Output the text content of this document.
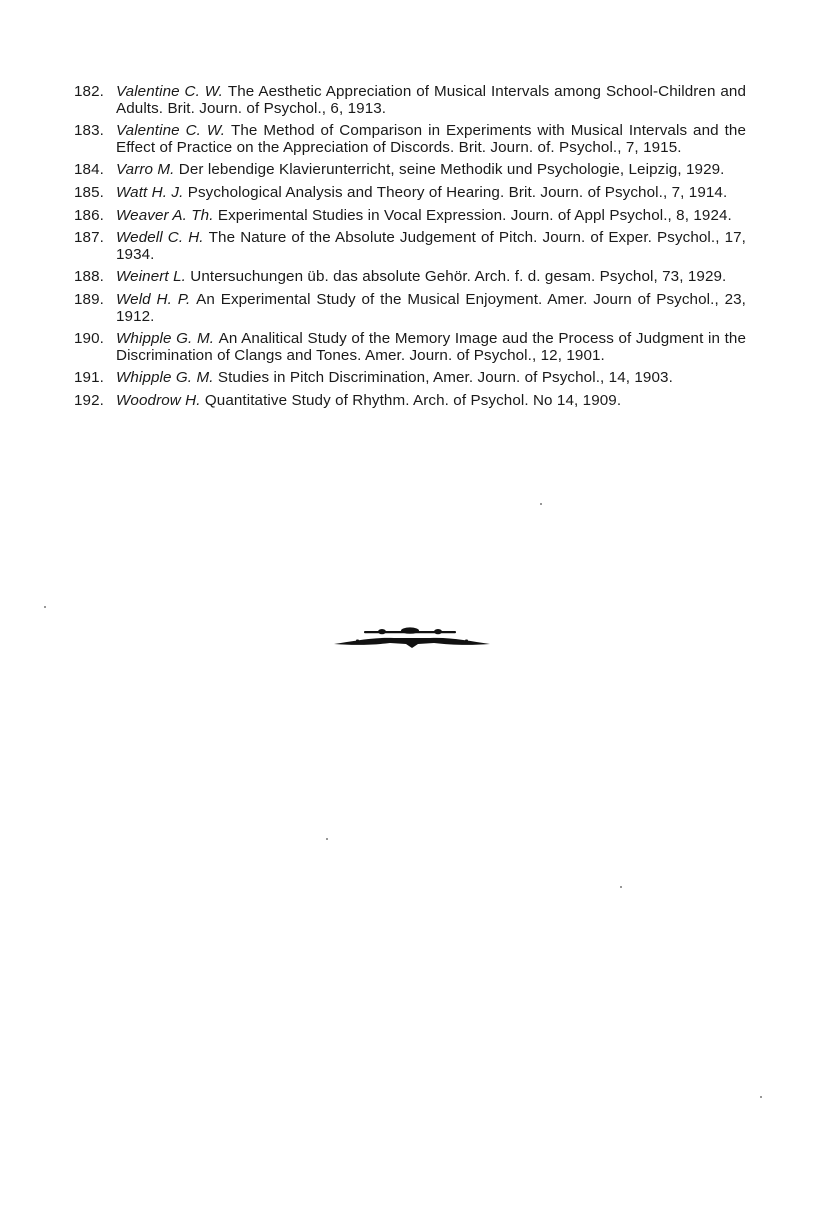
182. Valentine C. W. The Aesthetic Appreciation of Musical Intervals among School-Children and Adults. Brit. Journ. of Psychol., 6, 1913.
183. Valentine C. W. The Method of Comparison in Experiments with Musical Intervals and the Effect of Practice on the Appreciation of Discords. Brit. Journ. of. Psychol., 7, 1915.
184. Varro M. Der lebendige Klavierunterricht, seine Methodik und Psychologie, Leipzig, 1929.
185. Watt H. J. Psychological Analysis and Theory of Hearing. Brit. Journ. of Psychol., 7, 1914.
186. Weaver A. Th. Experimental Studies in Vocal Expression. Journ. of Appl Psychol., 8, 1924.
187. Wedell C. H. The Nature of the Absolute Judgement of Pitch. Journ. of Exper. Psychol., 17, 1934.
188. Weinert L. Untersuchungen üb. das absolute Gehör. Arch. f. d. gesam. Psychol, 73, 1929.
189. Weld H. P. An Experimental Study of the Musical Enjoyment. Amer. Journ of Psychol., 23, 1912.
190. Whipple G. M. An Analitical Study of the Memory Image aud the Process of Judgment in the Discrimination of Clangs and Tones. Amer. Journ. of Psychol., 12, 1901.
191. Whipple G. M. Studies in Pitch Discrimination, Amer. Journ. of Psychol., 14, 1903.
192. Woodrow H. Quantitative Study of Rhythm. Arch. of Psychol. No 14, 1909.
